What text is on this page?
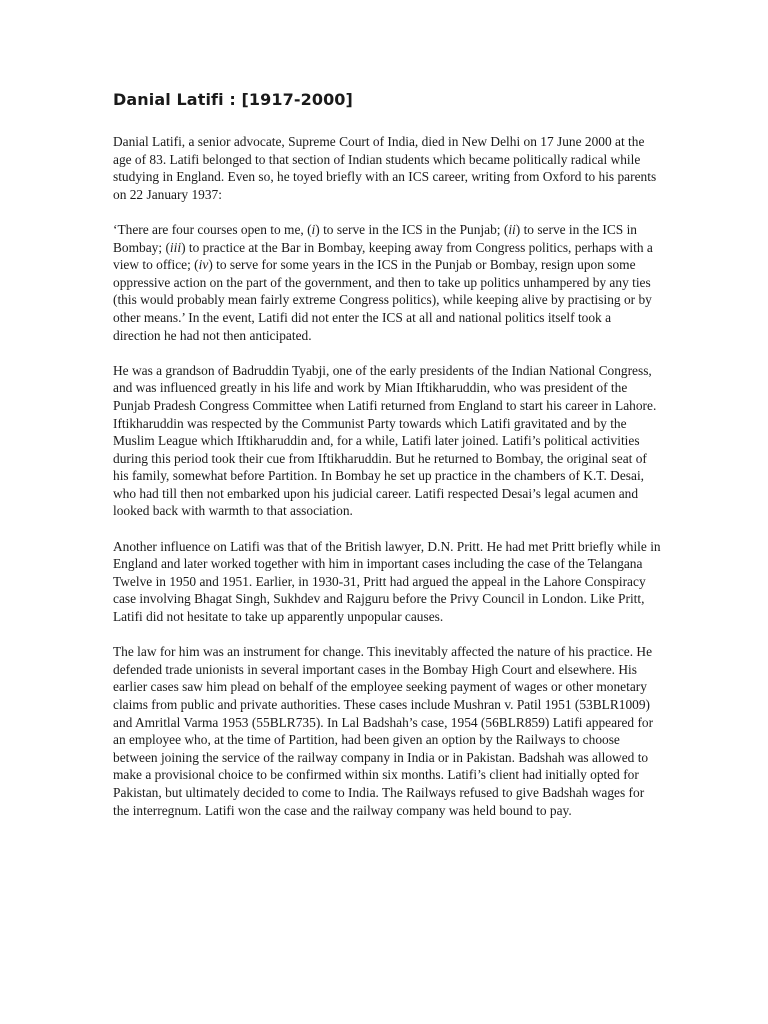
Danial Latifi : [1917-2000]

Danial Latifi, a senior advocate, Supreme Court of India, died in New Delhi on 17 June 2000 at the age of 83. Latifi belonged to that section of Indian students which became politically radical while studying in England. Even so, he toyed briefly with an ICS career, writing from Oxford to his parents on 22 January 1937:

‘There are four courses open to me, (i) to serve in the ICS in the Punjab; (ii) to serve in the ICS in Bombay; (iii) to practice at the Bar in Bombay, keeping away from Congress politics, perhaps with a view to office; (iv) to serve for some years in the ICS in the Punjab or Bombay, resign upon some oppressive action on the part of the government, and then to take up politics unhampered by any ties (this would probably mean fairly extreme Congress politics), while keeping alive by practising or by other means.’ In the event, Latifi did not enter the ICS at all and national politics itself took a direction he had not then anticipated.

He was a grandson of Badruddin Tyabji, one of the early presidents of the Indian National Congress, and was influenced greatly in his life and work by Mian Iftikharuddin, who was president of the Punjab Pradesh Congress Committee when Latifi returned from England to start his career in Lahore. Iftikharuddin was respected by the Communist Party towards which Latifi gravitated and by the Muslim League which Iftikharuddin and, for a while, Latifi later joined. Latifi’s political activities during this period took their cue from Iftikharuddin. But he returned to Bombay, the original seat of his family, somewhat before Partition. In Bombay he set up practice in the chambers of K.T. Desai, who had till then not embarked upon his judicial career. Latifi respected Desai’s legal acumen and looked back with warmth to that association.

Another influence on Latifi was that of the British lawyer, D.N. Pritt. He had met Pritt briefly while in England and later worked together with him in important cases including the case of the Telangana Twelve in 1950 and 1951. Earlier, in 1930-31, Pritt had argued the appeal in the Lahore Conspiracy case involving Bhagat Singh, Sukhdev and Rajguru before the Privy Council in London. Like Pritt, Latifi did not hesitate to take up apparently unpopular causes.

The law for him was an instrument for change. This inevitably affected the nature of his practice. He defended trade unionists in several important cases in the Bombay High Court and elsewhere. His earlier cases saw him plead on behalf of the employee seeking payment of wages or other monetary claims from public and private authorities. These cases include Mushran v. Patil 1951 (53BLR1009) and Amritlal Varma 1953 (55BLR735). In Lal Badshah’s case, 1954 (56BLR859) Latifi appeared for an employee who, at the time of Partition, had been given an option by the Railways to choose between joining the service of the railway company in India or in Pakistan. Badshah was allowed to make a provisional choice to be confirmed within six months. Latifi’s client had initially opted for Pakistan, but ultimately decided to come to India. The Railways refused to give Badshah wages for the interregnum. Latifi won the case and the railway company was held bound to pay.
